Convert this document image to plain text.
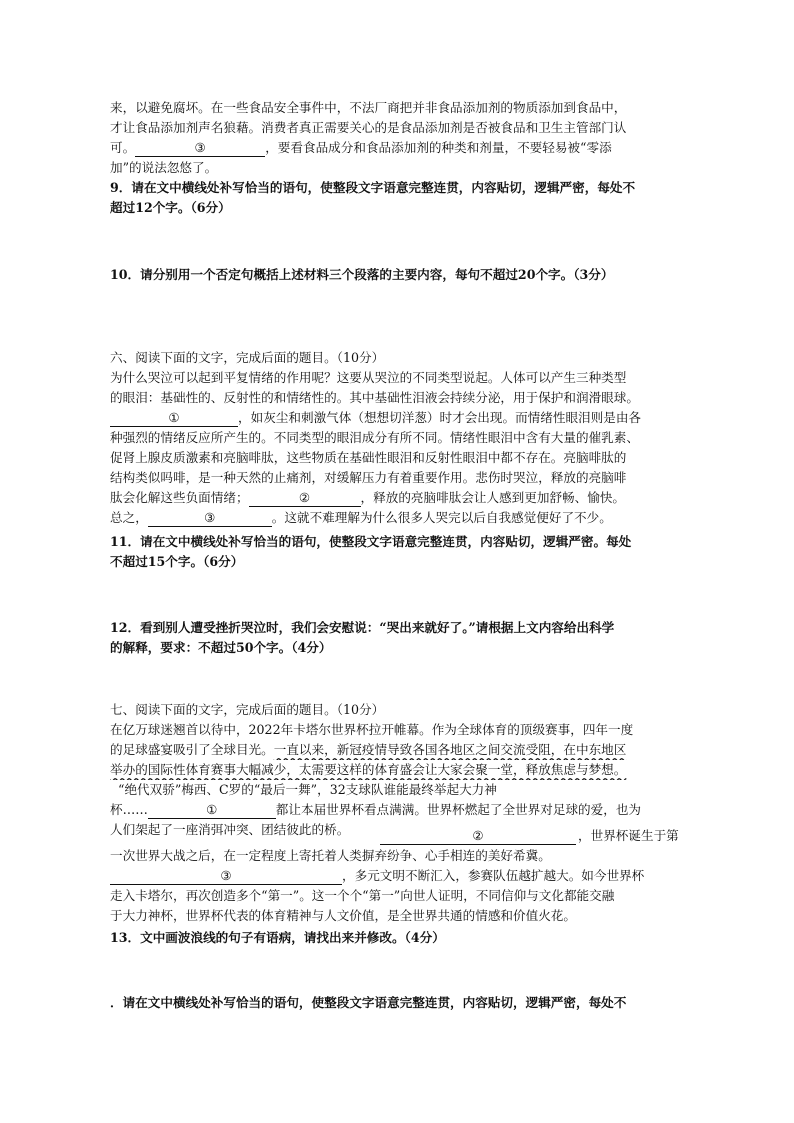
来，以避免腐坏。在一些食品安全事件中，不法厂商把并非食品添加剂的物质添加到食品中，
才让食品添加剂声名狼藉。消费者真正需要关心的是食品添加剂是否被食品和卫生主管部门认
可。	③	，要看食品成分和食品添加剂的种类和剂量，不要轻易被“零添
加”的说法忽悠了。
9．请在文中横线处补写恰当的语句，使整段文字语意完整连贯，内容贴切，逻辑严密，每处不
超过12个字。（6分）
10．请分别用一个否定句概括上述材料三个段落的主要内容，每句不超过20个字。（3分）
六、阅读下面的文字，完成后面的题目。（10分）
为什么哭泣可以起到平复情绪的作用呢？这要从哭泣的不同类型说起。人体可以产生三种类型
的眼泪：基础性的、反射性的和情绪性的。其中基础性泪液会持续分泌，用于保护和润滑眼球。
①	，如灰尘和刺激气体（想想切洋葱）时才会出现。而情绪性眼泪则是由各
种强烈的情绪反应所产生的。不同类型的眼泪成分有所不同。情绪性眼泪中含有大量的催乳素、
促肾上腺皮质激素和亮脑啡肽，这些物质在基础性眼泪和反射性眼泪中都不存在。亮脑啡肽的
结构类似吗啡，是一种天然的止痛剂，对缓解压力有着重要作用。悲伤时哭泣，释放的亮脑啡
肽会化解这些负面情绪；	②	，释放的亮脑啡肽会让人感到更加舒畅、愉快。
总之，	③	。这就不难理解为什么很多人哭完以后自我感觉便好了不少。
11．请在文中横线处补写恰当的语句，使整段文字语意完整连贯，内容贴切，逻辑严密。每处
不超过15个字。（6分）
12．看到别人遭受挫折哭泣时，我们会安慰说：“哭出来就好了。”请根据上文内容给出科学
的解释，要求：不超过50个字。（4分）
七、阅读下面的文字，完成后面的题目。（10分）
在亿万球迷翘首以待中，2022年卡塔尔世界杯拉开帷幕。作为全球体育的顶级赛事，四年一度
的足球盛宴吸引了全球目光。一直以来，新冠疫情导致各国各地区之间交流受阻，在中东地区
举办的国际性体育赛事大幅减少，太需要这样的体育盛会让大家会聚一堂，释放焦虑与梦想。
“绝代双骄”梅西、C罗的“最后一舞”，32支球队谁能最终举起大力神
杯……	①	都让本届世界杯看点满满。世界杯燃起了全世界对足球的爱，也为
人们架起了一座消弭冲突、团结彼此的桥。	②	，世界杯诞生于第
一次世界大战之后，在一定程度上寄托着人类摒弃纷争、心手相连的美好希冀。
③	，多元文明不断汇入，参赛队伍越扩越大。如今世界杯
走入卡塔尔，再次创造多个“第一”。这一个个“第一”向世人证明，不同信仰与文化都能交融
于大力神杯，世界杯代表的体育精神与人文价值，是全世界共通的情感和价值火花。
13．文中画波浪线的句子有语病，请找出来并修改。（4分）
．请在文中横线处补写恰当的语句，使整段文字语意完整连贯，内容贴切，逻辑严密，每处不
